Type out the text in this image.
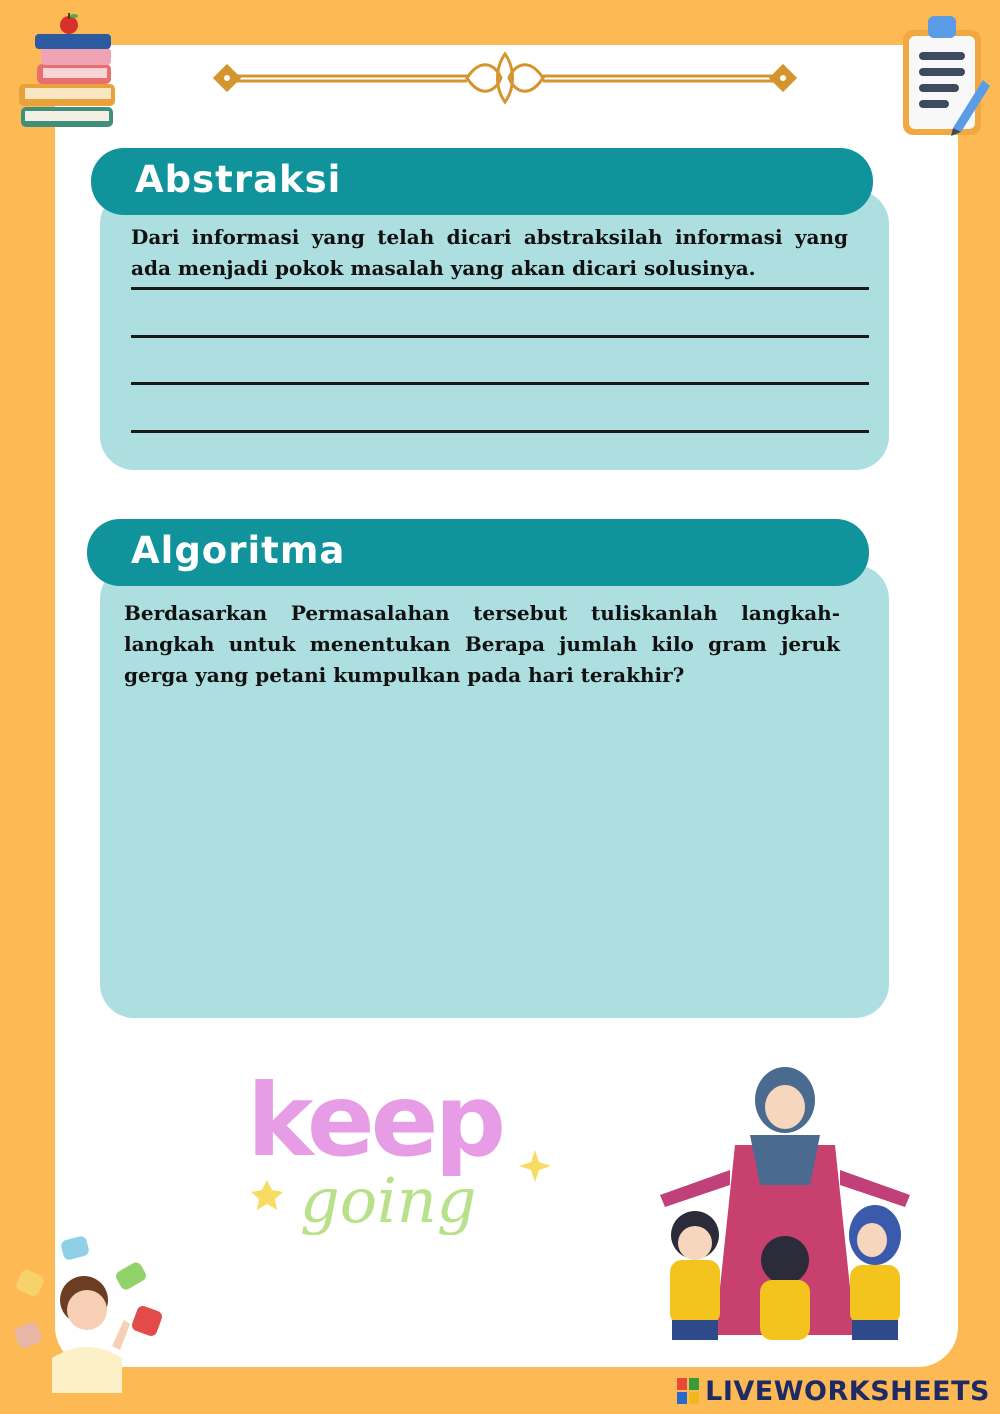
Abstraksi
Dari informasi yang telah dicari abstraksilah informasi yang ada menjadi pokok masalah yang akan dicari solusinya.
Algoritma
Berdasarkan Permasalahan tersebut tuliskanlah langkah-langkah untuk menentukan Berapa jumlah kilo gram jeruk gerga yang petani kumpulkan pada hari terakhir?
keep
going
LIVEWORKSHEETS
